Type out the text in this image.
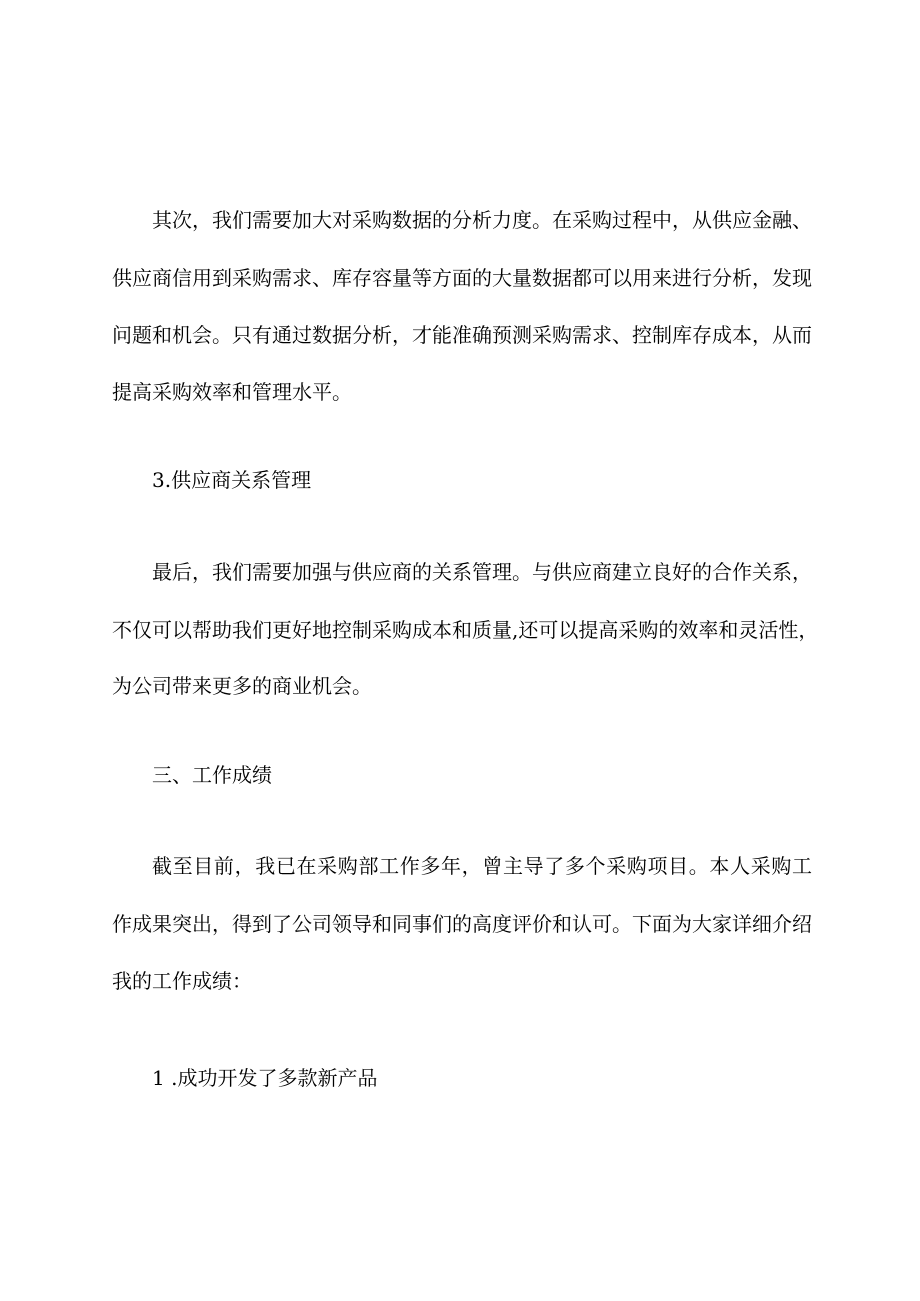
其次，我们需要加大对采购数据的分析力度。在采购过程中，从供应金融、
供应商信用到采购需求、库存容量等方面的大量数据都可以用来进行分析，发现
问题和机会。只有通过数据分析，才能准确预测采购需求、控制库存成本，从而
提高采购效率和管理水平。
3.供应商关系管理
最后，我们需要加强与供应商的关系管理。与供应商建立良好的合作关系，
不仅可以帮助我们更好地控制采购成本和质量,还可以提高采购的效率和灵活性，
为公司带来更多的商业机会。
三、工作成绩
截至目前，我已在采购部工作多年，曾主导了多个采购项目。本人采购工
作成果突出，得到了公司领导和同事们的高度评价和认可。下面为大家详细介绍
我的工作成绩：
1 .成功开发了多款新产品
